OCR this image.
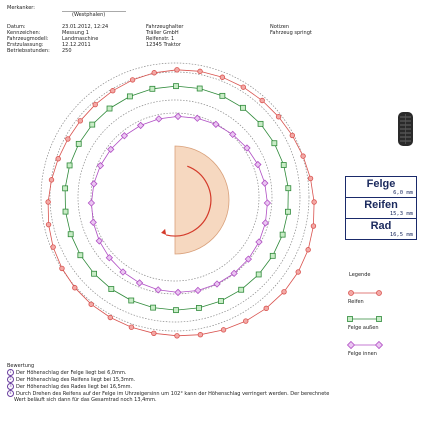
Merkanker:
(Westphalen)
Datum:
Kennzeichen:
Fahrzeugmodell:
Erstzulassung:
Betriebsstunden:
23.01.2012, 12:24
Messung 1
Landmaschine
12.12.2011
250
Fahrzeughalter
Träller GmbH
Reifenstr. 1
12345 Traktor
Notizen
Fahrzeug springt
Felge
6,0 mm
Reifen
15,3 mm
Rad
16,5 mm
Legende
Reifen
Felge außen
Felge innen
Bewertung
1 Der Höhenschlag der Felge liegt bei 6,0mm.
2 Der Höhenschlag des Reifens liegt bei 15,3mm.
3 Der Höhenschlag des Rades liegt bei 16,5mm.
4 Durch Drehen des Reifens auf der Felge im Uhrzeigersinn um 102° kann der Höhenschlag verringert werden. Der berechnete
Wert beläuft sich dann für das Gesamtrad noch 13,4mm.
